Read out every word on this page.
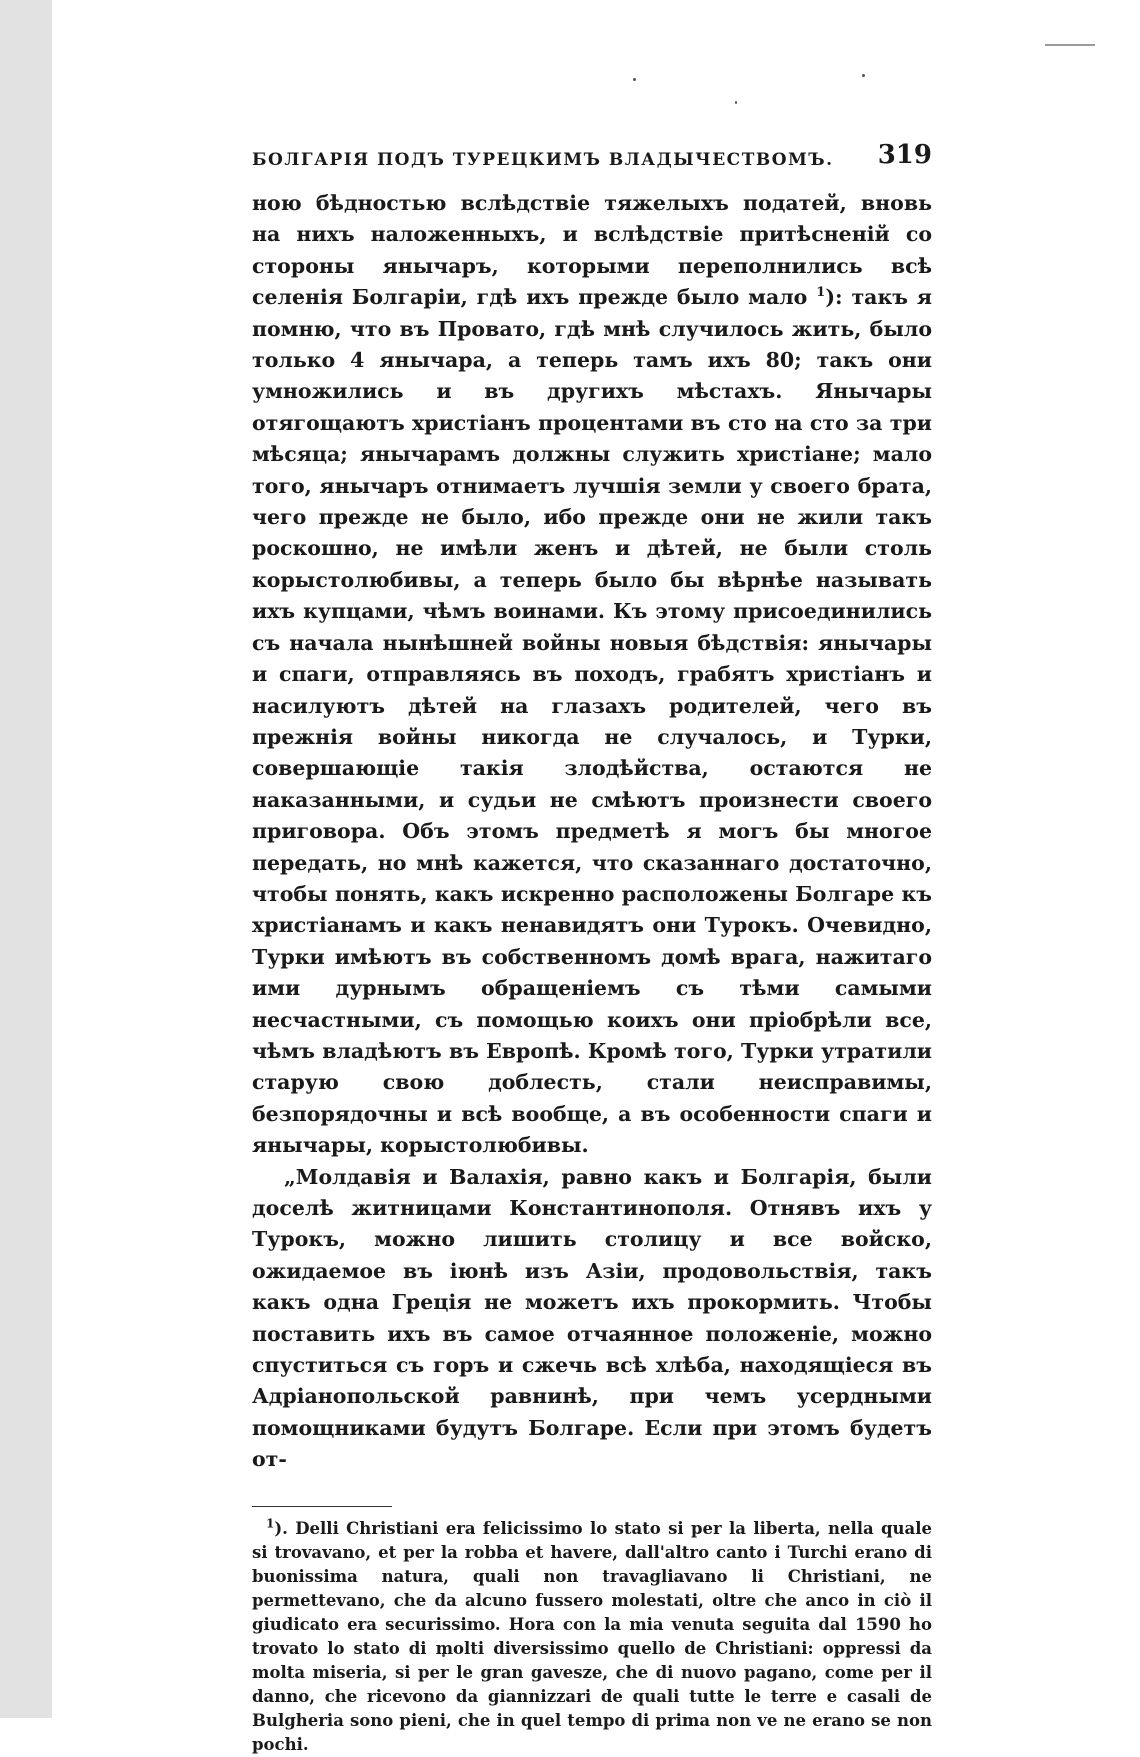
БОЛГАРІЯ ПОДЪ ТУРЕЦКИМЪ ВЛАДЫЧЕСТВОМЪ. 319

ною бѣдностью вслѣдствіе тяжелыхъ податей, вновь на нихъ наложенныхъ, и вслѣдствіе притѣсненій со стороны янычаръ, которыми переполнились всѣ селенія Болгаріи, гдѣ ихъ прежде было мало $^1$): такъ я помню, что въ Провато, гдѣ мнѣ случилось жить, было только 4 янычара, а теперь тамъ ихъ 80; такъ они умножились и въ другихъ мѣстахъ. Янычары отягощаютъ христіанъ процентами въ сто на сто за три мѣсяца; янычарамъ должны служить христіане; мало того, янычаръ отнимаетъ лучшія земли у своего брата, чего прежде не было, ибо прежде они не жили такъ роскошно, не имѣли женъ и дѣтей, не были столь корыстолюбивы, а теперь было бы вѣрнѣе называть ихъ купцами, чѣмъ воинами. Къ этому присоединились съ начала нынѣшней войны новыя бѣдствія: янычары и спаги, отправляясь въ походъ, грабятъ христіанъ и насилуютъ дѣтей на глазахъ родителей, чего въ прежнія войны никогда не случалось, и Турки, совершающіе такія злодѣйства, остаются не наказанными, и судьи не смѣютъ произнести своего приговора. Объ этомъ предметѣ я могъ бы многое передать, но мнѣ кажется, что сказаннаго достаточно, чтобы понять, какъ искренно расположены Болгаре къ христіанамъ и какъ ненавидятъ они Турокъ. Очевидно, Турки имѣютъ въ собственномъ домѣ врага, нажитаго ими дурнымъ обращеніемъ съ тѣми самыми несчастными, съ помощью коихъ они пріобрѣли все, чѣмъ владѣютъ въ Европѣ. Кромѣ того, Турки утратили старую свою доблесть, стали неисправимы, безпорядочны и всѣ вообще, а въ особенности спаги и янычары, корыстолюбивы.

„Молдавія и Валахія, равно какъ и Болгарія, были доселѣ житницами Константинополя. Отнявъ ихъ у Турокъ, можно лишить столицу и все войско, ожидаемое въ іюнѣ изъ Азіи, продовольствія, такъ какъ одна Греція не можетъ ихъ прокормить. Чтобы поставить ихъ въ самое отчаянное положеніе, можно спуститься съ горъ и сжечь всѣ хлѣба, находящіеся въ Адріанопольской равнинѣ, при чемъ усердными помощниками будутъ Болгаре. Если при этомъ будетъ от-

$^1$). Delli Christiani era felicissimo lo stato si per la liberta, nella quale si trovavano, et per la robba et havere, dall'altro canto i Turchi erano di buonissima natura, quali non travagliavano li Christiani, ne permettevano, che da alcuno fussero molestati, oltre che anco in ciò il giudicato era securissimo. Hora con la mia venuta seguita dal 1590 ho trovato lo stato di molti diversissimo quello de Christiani: oppressi da molta miseria, si per le gran gavesze, che di nuovo pagano, come per il danno, che ricevono da giannizzari de quali tutte le terre e casali de Bulgheria sono pieni, che in quel tempo di prima non ve ne erano se non pochi.
